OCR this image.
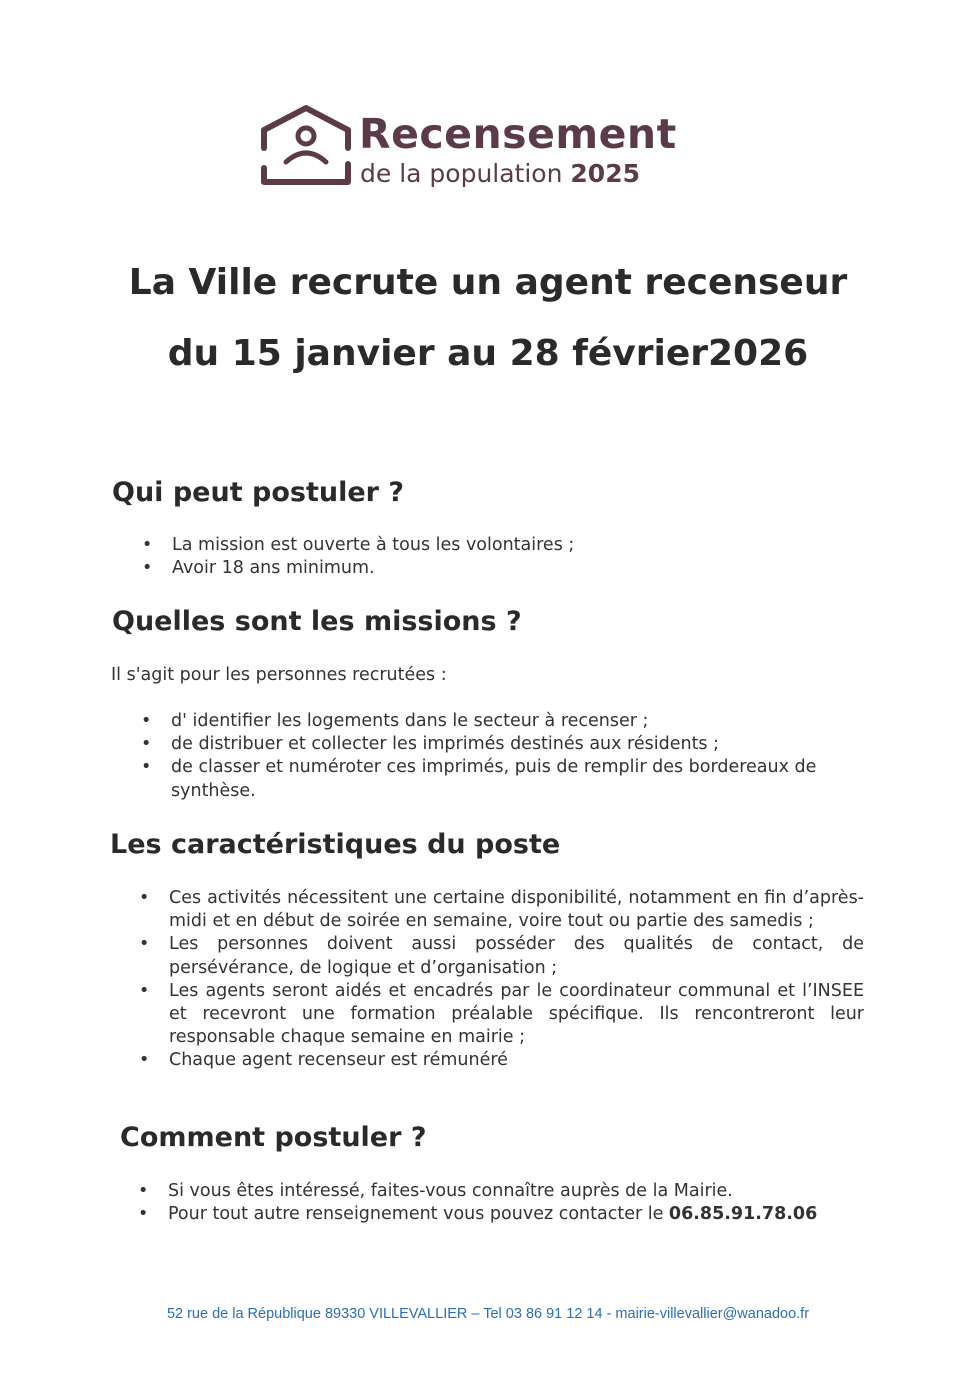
Recensement
de la population 2025
La Ville recrute un agent recenseur
du 15 janvier au 28 février2026
Qui peut postuler ?
• La mission est ouverte à tous les volontaires ;
• Avoir 18 ans minimum.
Quelles sont les missions ?
Il s'agit pour les personnes recrutées :
• d' identifier les logements dans le secteur à recenser ;
• de distribuer et collecter les imprimés destinés aux résidents ;
• de classer et numéroter ces imprimés, puis de remplir des bordereaux de synthèse.
Les caractéristiques du poste
• Ces activités nécessitent une certaine disponibilité, notamment en fin d’après-midi et en début de soirée en semaine, voire tout ou partie des samedis ;
• Les personnes doivent aussi posséder des qualités de contact, de persévérance, de logique et d’organisation ;
• Les agents seront aidés et encadrés par le coordinateur communal et l’INSEE et recevront une formation préalable spécifique. Ils rencontreront leur responsable chaque semaine en mairie ;
• Chaque agent recenseur est rémunéré
Comment postuler ?
• Si vous êtes intéressé, faites-vous connaître auprès de la Mairie.
• Pour tout autre renseignement vous pouvez contacter le 06.85.91.78.06
52 rue de la République 89330 VILLEVALLIER – Tel 03 86 91 12 14 - mairie-villevallier@wanadoo.fr
